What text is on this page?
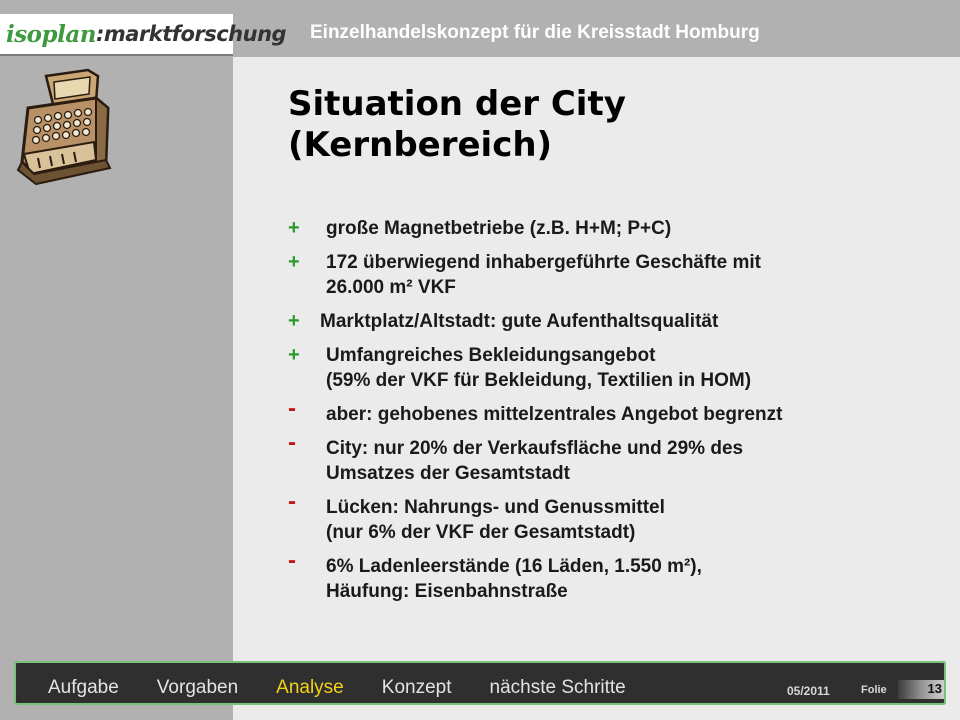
Einzelhandelskonzept für die Kreisstadt Homburg
isoplan : marktforschung
Situation der City
(Kernbereich)
+	große Magnetbetriebe (z.B. H+M; P+C)
+	172 überwiegend inhabergeführte Geschäfte mit
26.000 m² VKF
+	Marktplatz/Altstadt: gute Aufenthaltsqualität
+	Umfangreiches Bekleidungsangebot
(59% der VKF für Bekleidung, Textilien in HOM)
-	aber: gehobenes mittelzentrales Angebot begrenzt
-	City: nur 20% der Verkaufsfläche und 29% des
Umsatzes der Gesamtstadt
-	Lücken: Nahrungs- und Genussmittel
(nur 6% der VKF der Gesamtstadt)
-	6% Ladenleerstände (16 Läden, 1.550 m²),
Häufung: Eisenbahnstraße
Aufgabe Vorgaben Analyse Konzept nächste Schritte	05/2011	Folie	13
